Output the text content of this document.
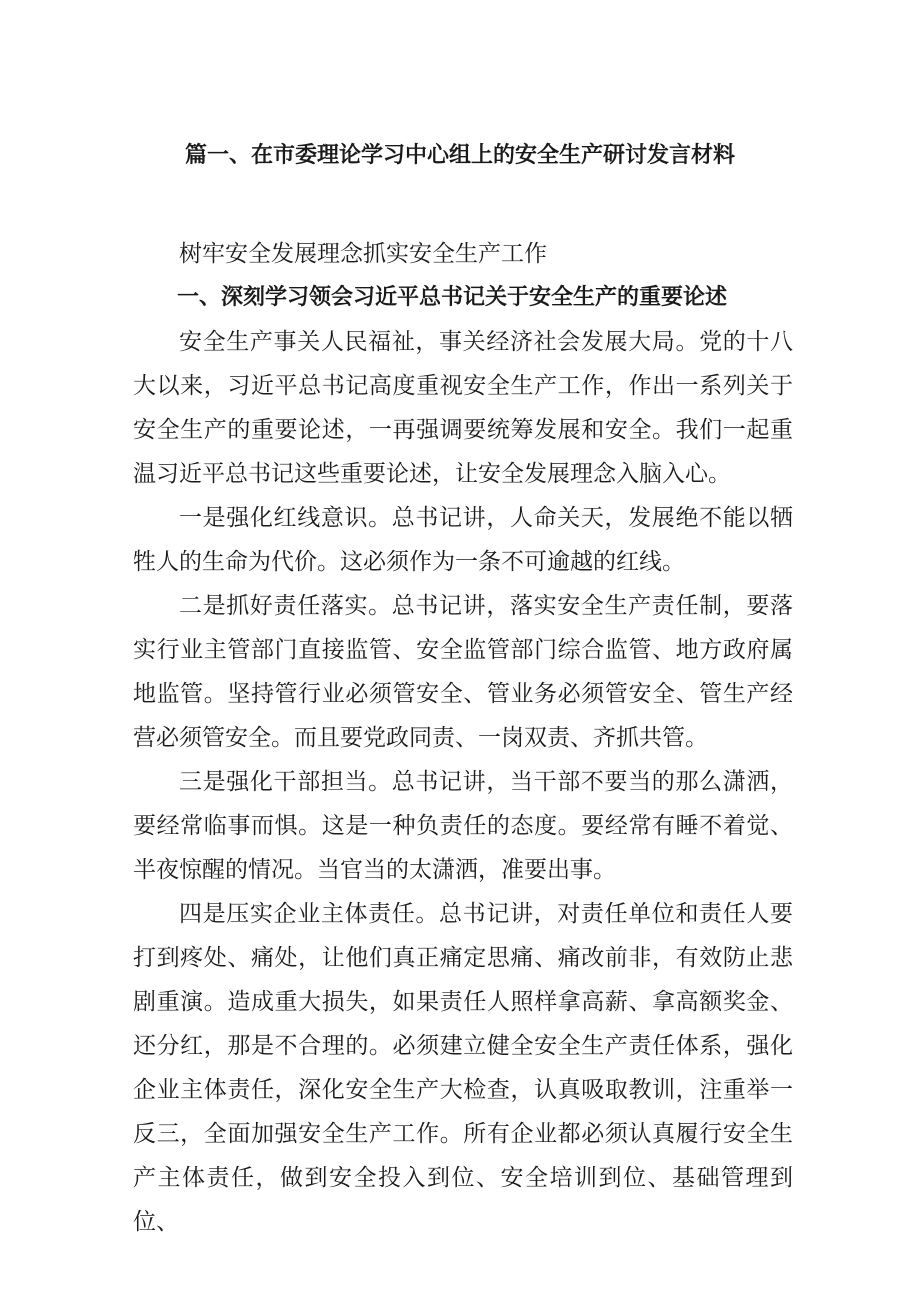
篇一、在市委理论学习中心组上的安全生产研讨发言材料

树牢安全发展理念抓实安全生产工作

一、深刻学习领会习近平总书记关于安全生产的重要论述

安全生产事关人民福祉，事关经济社会发展大局。党的十八大以来，习近平总书记高度重视安全生产工作，作出一系列关于安全生产的重要论述，一再强调要统筹发展和安全。我们一起重温习近平总书记这些重要论述，让安全发展理念入脑入心。

一是强化红线意识。总书记讲，人命关天，发展绝不能以牺牲人的生命为代价。这必须作为一条不可逾越的红线。

二是抓好责任落实。总书记讲，落实安全生产责任制，要落实行业主管部门直接监管、安全监管部门综合监管、地方政府属地监管。坚持管行业必须管安全、管业务必须管安全、管生产经营必须管安全。而且要党政同责、一岗双责、齐抓共管。

三是强化干部担当。总书记讲，当干部不要当的那么潇洒，要经常临事而惧。这是一种负责任的态度。要经常有睡不着觉、半夜惊醒的情况。当官当的太潇洒，准要出事。

四是压实企业主体责任。总书记讲，对责任单位和责任人要打到疼处、痛处，让他们真正痛定思痛、痛改前非，有效防止悲剧重演。造成重大损失，如果责任人照样拿高薪、拿高额奖金、还分红，那是不合理的。必须建立健全安全生产责任体系，强化企业主体责任，深化安全生产大检查，认真吸取教训，注重举一反三，全面加强安全生产工作。所有企业都必须认真履行安全生产主体责任，做到安全投入到位、安全培训到位、基础管理到位、
